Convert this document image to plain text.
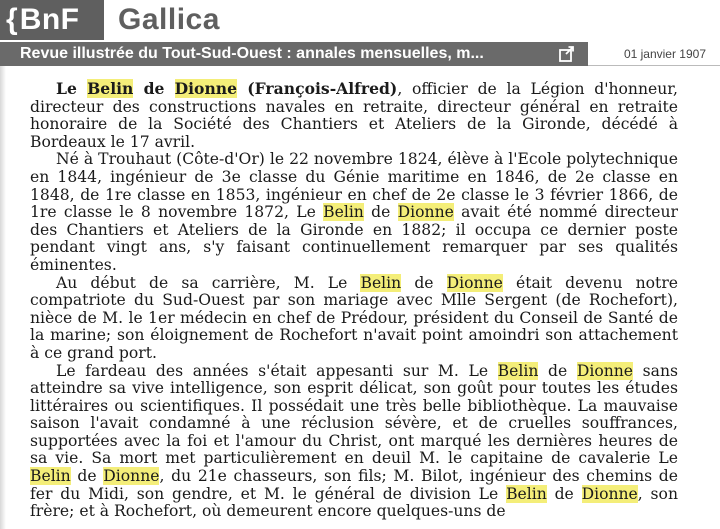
{ BnF Gallica
Revue illustrée du Tout-Sud-Ouest : annales mensuelles, m...	01 janvier 1907

Le Belin de Dionne (François-Alfred), officier de la Légion d'honneur, directeur des constructions navales en retraite, directeur général en retraite honoraire de la Société des Chantiers et Ateliers de la Gironde, décédé à Bordeaux le 17 avril.

Né à Trouhaut (Côte-d'Or) le 22 novembre 1824, élève à l'Ecole polytechnique en 1844, ingénieur de 3e classe du Génie maritime en 1846, de 2e classe en 1848, de 1re classe en 1853, ingénieur en chef de 2e classe le 3 février 1866, de 1re classe le 8 novembre 1872, Le Belin de Dionne avait été nommé directeur des Chantiers et Ateliers de la Gironde en 1882; il occupa ce dernier poste pendant vingt ans, s'y faisant continuellement remarquer par ses qualités éminentes.

Au début de sa carrière, M. Le Belin de Dionne était devenu notre compatriote du Sud-Ouest par son mariage avec Mlle Sergent (de Rochefort), nièce de M. le 1er médecin en chef de Prédour, président du Conseil de Santé de la marine; son éloignement de Rochefort n'avait point amoindri son attachement à ce grand port.

Le fardeau des années s'était appesanti sur M. Le Belin de Dionne sans atteindre sa vive intelligence, son esprit délicat, son goût pour toutes les études littéraires ou scientifiques. Il possédait une très belle bibliothèque. La mauvaise saison l'avait condamné à une réclusion sévère, et de cruelles souffrances, supportées avec la foi et l'amour du Christ, ont marqué les dernières heures de sa vie. Sa mort met particulièrement en deuil M. le capitaine de cavalerie Le Belin de Dionne, du 21e chasseurs, son fils; M. Bilot, ingénieur des chemins de fer du Midi, son gendre, et M. le général de division Le Belin de Dionne, son frère; et à Rochefort, où demeurent encore quelques-uns de
